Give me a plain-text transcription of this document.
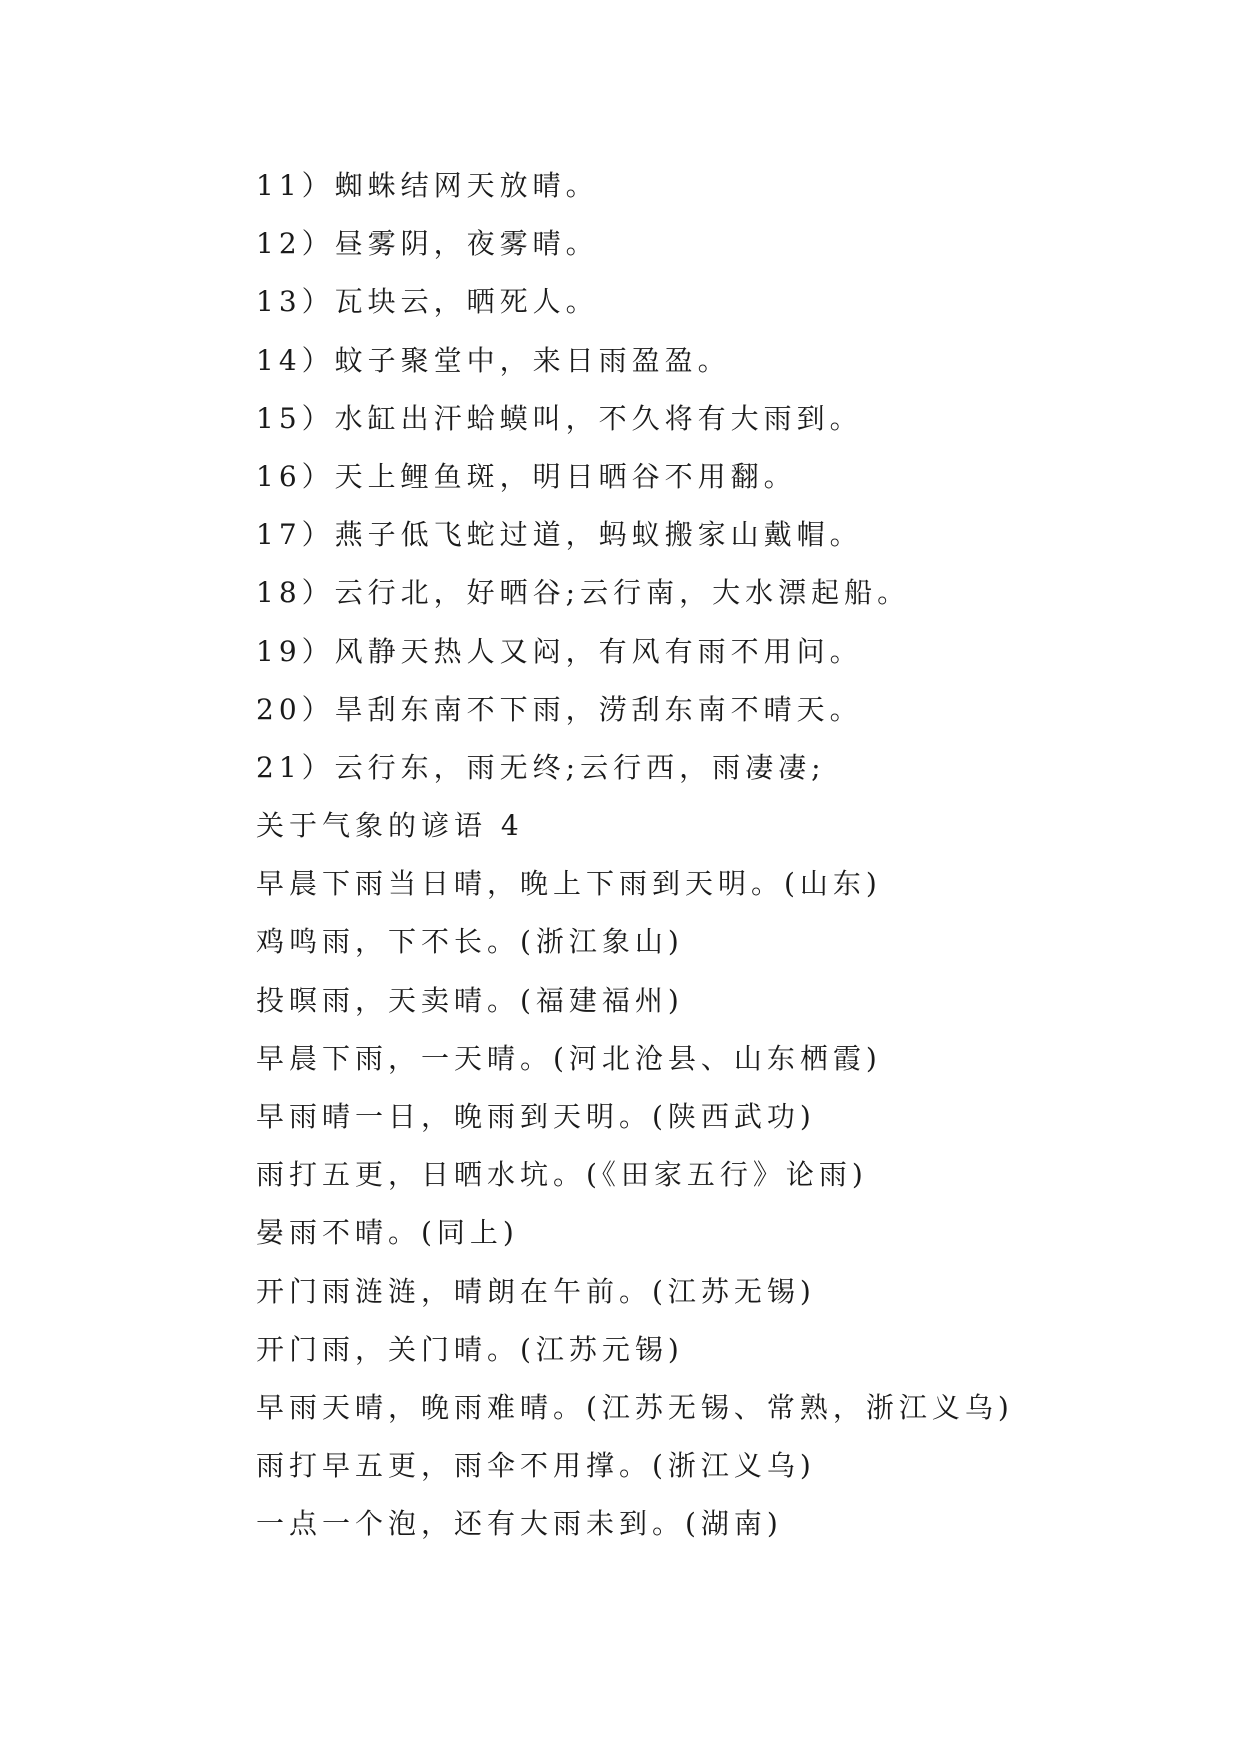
11）蜘蛛结网天放晴。
12）昼雾阴，夜雾晴。
13）瓦块云，晒死人。
14）蚊子聚堂中，来日雨盈盈。
15）水缸出汗蛤蟆叫，不久将有大雨到。
16）天上鲤鱼斑，明日晒谷不用翻。
17）燕子低飞蛇过道，蚂蚁搬家山戴帽。
18）云行北，好晒谷;云行南，大水漂起船。
19）风静天热人又闷，有风有雨不用问。
20）旱刮东南不下雨，涝刮东南不晴天。
21）云行东，雨无终;云行西，雨凄凄;
关于气象的谚语 4
早晨下雨当日晴，晚上下雨到天明。(山东)
鸡鸣雨，下不长。(浙江象山)
投暝雨，天卖晴。(福建福州)
早晨下雨，一天晴。(河北沧县、山东栖霞)
早雨晴一日，晚雨到天明。(陕西武功)
雨打五更，日晒水坑。(《田家五行》论雨)
晏雨不晴。(同上)
开门雨涟涟，晴朗在午前。(江苏无锡)
开门雨，关门晴。(江苏元锡)
早雨天晴，晚雨难晴。(江苏无锡、常熟，浙江义乌)
雨打早五更，雨伞不用撑。(浙江义乌)
一点一个泡，还有大雨未到。(湖南)
